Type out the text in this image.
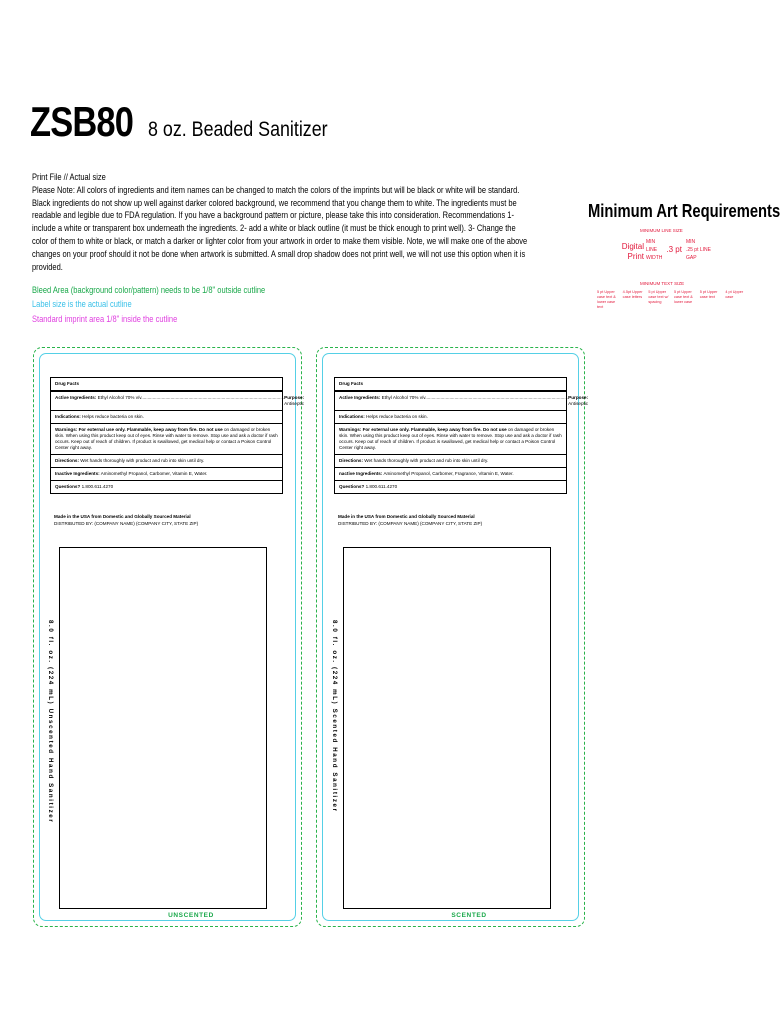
ZSB80 8 oz. Beaded Sanitizer

Print File // Actual size

Please Note: All colors of ingredients and item names can be changed to match the colors of the imprints but will be black or white will be standard. Black ingredients do not show up well against darker colored background, we recommend that you change them to white. The ingredients must be readable and legible due to FDA regulation. If you have a background pattern or picture, please take this into consideration. Recommendations 1- include a white or transparent box underneath the ingredients. 2- add a white or black outline (it must be thick enough to print well). 3- Change the color of them to white or black, or match a darker or lighter color from your artwork in order to make them visible. Note, we will make one of the above changes on your proof should it not be done when artwork is submitted. A small drop shadow does not print well, we will not use this option when it is provided.

Bleed Area (background color/pattern) needs to be 1/8" outside cutline
Label size is the actual cutline
Standard imprint area 1/8" inside the cutline
Minimum Art Requirements
MINIMUM LINE SIZE
Digital
Print
MIN
LINE
WIDTH
.3 pt
MIN
.25 pt LINE
GAP
MINIMUM TEXT SIZE
5 pt Upper case text & lower case text
4.5pt Upper case letters
5 pt Upper case text w/ spacing
5 pt Upper case text & lower case
5 pt Upper case text
4 pt Upper case
Drug Facts
Active Ingredients: Ethyl Alcohol 70% v/v................................................................................................................ Purpose: Antiseptic
Indications: Helps reduce bacteria on skin.
Warnings: For external use only. Flammable, keep away from fire. Do not use on damaged or broken skin. When using this product keep out of eyes. Rinse with water to remove. Stop use and ask a doctor if rash occurs. Keep out of reach of children. If product is swallowed, get medical help or contact a Poison Control Center right away.
Directions: Wet hands thoroughly with product and rub into skin until dry.
Inactive Ingredients: Aminomethyl Propanol, Carbomer, Vitamin E, Water.
Questions? 1.800.611.4270
Made in the USA from Domestic and Globally Sourced Material
DISTRIBUTED BY: (COMPANY NAME) (COMPANY CITY, STATE ZIP)
Drug Facts
Active Ingredients: Ethyl Alcohol 70% v/v................................................................................................................ Purpose: Antiseptic
Indications: Helps reduce bacteria on skin.
Warnings: For external use only. Flammable, keep away from fire. Do not use on damaged or broken skin. When using this product keep out of eyes. Rinse with water to remove. Stop use and ask a doctor if rash occurs. Keep out of reach of children. If product is swallowed, get medical help or contact a Poison Control Center right away.
Directions: Wet hands thoroughly with product and rub into skin until dry.
nactive Ingredients: Aminomethyl Propanol, Carbomer, Fragrance, Vitamin E, Water.
Questions? 1.800.611.4270
Made in the USA from Domestic and Globally Sourced Material
DISTRIBUTED BY: (COMPANY NAME) (COMPANY CITY, STATE ZIP)
8.0 fl. oz. (224 mL) Unscented Hand Sanitizer	8.0 fl. oz. (224 mL) Scented Hand Sanitizer
UNSCENTED	SCENTED
